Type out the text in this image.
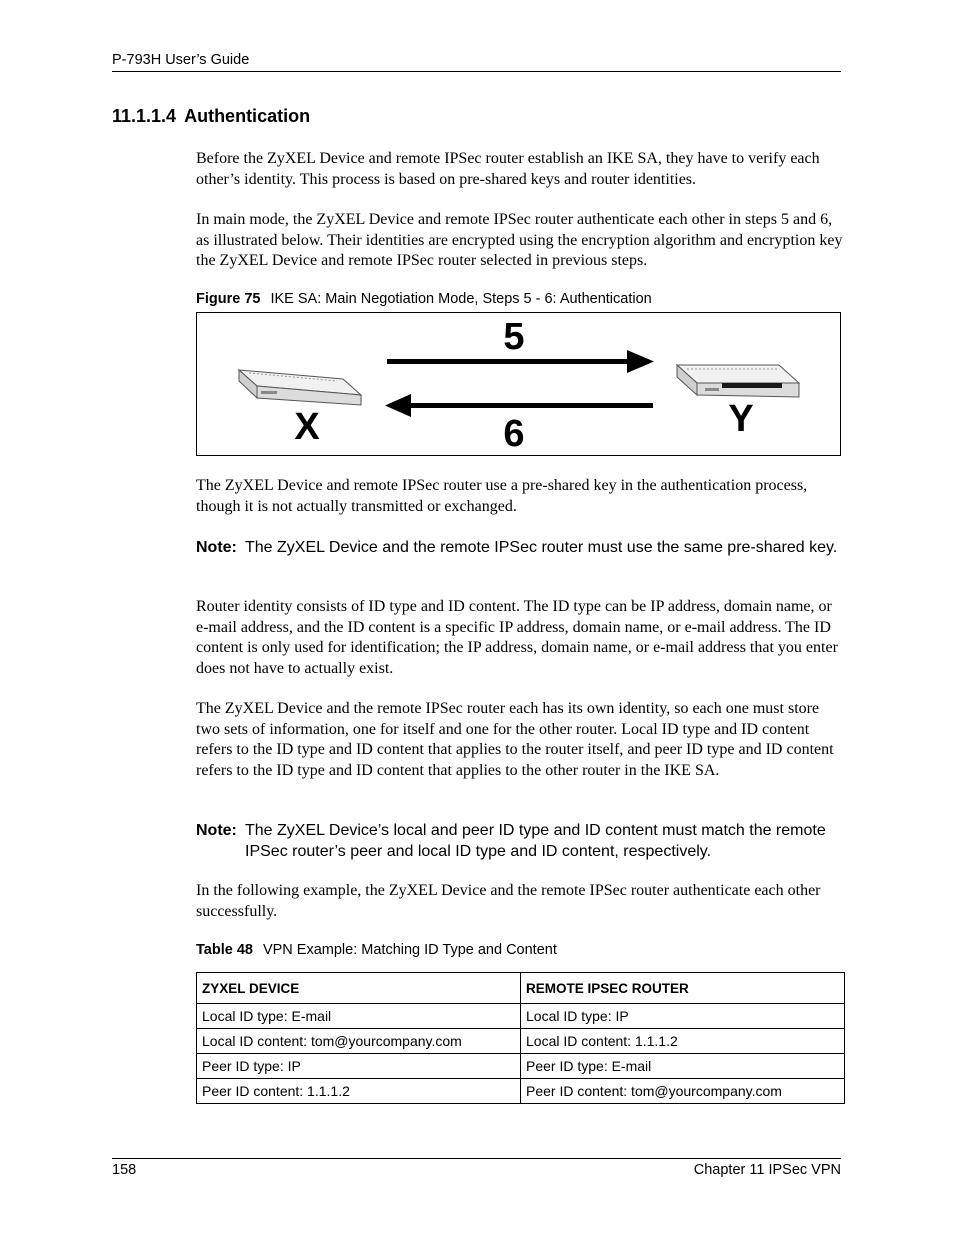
P-793H User’s Guide
11.1.1.4 Authentication

Before the ZyXEL Device and remote IPSec router establish an IKE SA, they have to verify each other’s identity. This process is based on pre-shared keys and router identities.

In main mode, the ZyXEL Device and remote IPSec router authenticate each other in steps 5 and 6, as illustrated below. Their identities are encrypted using the encryption algorithm and encryption key the ZyXEL Device and remote IPSec router selected in previous steps.

Figure 75 IKE SA: Main Negotiation Mode, Steps 5 - 6: Authentication
5
6
X	Y

The ZyXEL Device and remote IPSec router use a pre-shared key in the authentication process, though it is not actually transmitted or exchanged.

Note: The ZyXEL Device and the remote IPSec router must use the same pre-shared key.

Router identity consists of ID type and ID content. The ID type can be IP address, domain name, or e-mail address, and the ID content is a specific IP address, domain name, or e-mail address. The ID content is only used for identification; the IP address, domain name, or e-mail address that you enter does not have to actually exist.

The ZyXEL Device and the remote IPSec router each has its own identity, so each one must store two sets of information, one for itself and one for the other router. Local ID type and ID content refers to the ID type and ID content that applies to the router itself, and peer ID type and ID content refers to the ID type and ID content that applies to the other router in the IKE SA.

Note: The ZyXEL Device’s local and peer ID type and ID content must match the remote IPSec router’s peer and local ID type and ID content, respectively.

In the following example, the ZyXEL Device and the remote IPSec router authenticate each other successfully.

Table 48 VPN Example: Matching ID Type and Content
ZYXEL DEVICE	REMOTE IPSEC ROUTER
Local ID type: E-mail	Local ID type: IP
Local ID content: tom@yourcompany.com	Local ID content: 1.1.1.2
Peer ID type: IP	Peer ID type: E-mail
Peer ID content: 1.1.1.2	Peer ID content: tom@yourcompany.com
158	Chapter 11 IPSec VPN
